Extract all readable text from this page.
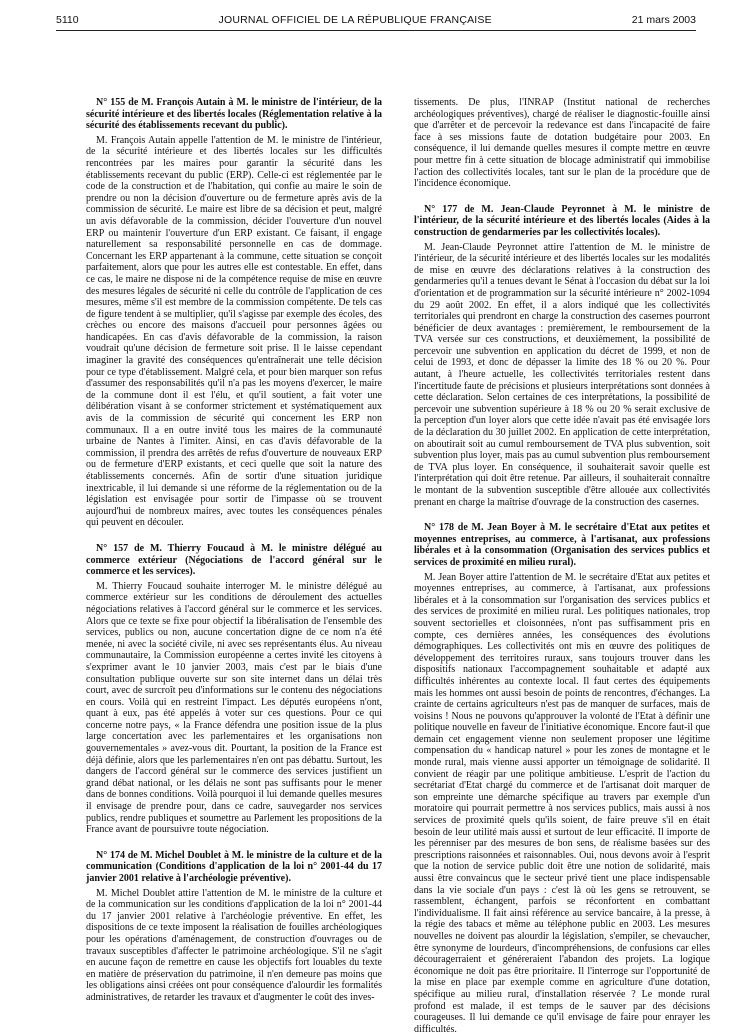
5110	JOURNAL OFFICIEL DE LA RÉPUBLIQUE FRANÇAISE	21 mars 2003

N° 155 de M. François Autain à M. le ministre de l'intérieur, de la sécurité intérieure et des libertés locales (Réglementation relative à la sécurité des établissements recevant du public).

M. François Autain appelle l'attention de M. le ministre de l'intérieur, de la sécurité intérieure et des libertés locales sur les difficultés rencontrées par les maires pour garantir la sécurité dans les établissements recevant du public (ERP). Celle-ci est réglementée par le code de la construction et de l'habitation, qui confie au maire le soin de prendre ou non la décision d'ouverture ou de fermeture après avis de la commission de sécurité. Le maire est libre de sa décision et peut, malgré un avis défavorable de la commission, décider l'ouverture d'un nouvel ERP ou maintenir l'ouverture d'un ERP existant. Ce faisant, il engage naturellement sa responsabilité personnelle en cas de dommage. Concernant les ERP appartenant à la commune, cette situation se conçoit parfaitement, alors que pour les autres elle est contestable. En effet, dans ce cas, le maire ne dispose ni de la compétence requise de mise en œuvre des mesures légales de sécurité ni celle du contrôle de l'application de ces mesures, même s'il est membre de la commission compétente. De tels cas de figure tendent à se multiplier, qu'il s'agisse par exemple des écoles, des crèches ou encore des maisons d'accueil pour personnes âgées ou handicapées. En cas d'avis défavorable de la commission, la raison voudrait qu'une décision de fermeture soit prise. Il le laisse cependant imaginer la gravité des conséquences qu'entraînerait une telle décision pour ce type d'établissement. Malgré cela, et pour bien marquer son refus d'assumer des responsabilités qu'il n'a pas les moyens d'exercer, le maire de la commune dont il est l'élu, et qu'il soutient, a fait voter une délibération visant à se conformer strictement et systématiquement aux avis de la commission de sécurité qui concernent les ERP non communaux. Il a en outre invité tous les maires de la communauté urbaine de Nantes à l'imiter. Ainsi, en cas d'avis défavorable de la commission, il prendra des arrêtés de refus d'ouverture de nouveaux ERP ou de fermeture d'ERP existants, et ceci quelle que soit la nature des établissements concernés. Afin de sortir d'une situation juridique inextricable, il lui demande si une réforme de la réglementation ou de la législation est envisagée pour sortir de l'impasse où se trouvent aujourd'hui de nombreux maires, avec toutes les conséquences pénales qui peuvent en découler.

N° 157 de M. Thierry Foucaud à M. le ministre délégué au commerce extérieur (Négociations de l'accord général sur le commerce et les services).

M. Thierry Foucaud souhaite interroger M. le ministre délégué au commerce extérieur sur les conditions de déroulement des actuelles négociations relatives à l'accord général sur le commerce et les services. Alors que ce texte se fixe pour objectif la libéralisation de l'ensemble des services, publics ou non, aucune concertation digne de ce nom n'a été menée, ni avec la société civile, ni avec ses représentants élus. Au niveau communautaire, la Commission européenne a certes invité les citoyens à s'exprimer avant le 10 janvier 2003, mais c'est par le biais d'une consultation publique ouverte sur son site internet dans un délai très court, avec de surcroît peu d'informations sur le contenu des négociations en cours. Voilà qui en restreint l'impact. Les députés européens n'ont, quant à eux, pas été appelés à voter sur ces questions. Pour ce qui concerne notre pays, « la France défendra une position issue de la plus large concertation avec les parlementaires et les organisations non gouvernementales » avez-vous dit. Pourtant, la position de la France est déjà définie, alors que les parlementaires n'en ont pas débattu. Surtout, les dangers de l'accord général sur le commerce des services justifient un grand débat national, or les délais ne sont pas suffisants pour le mener dans de bonnes conditions. Voilà pourquoi il lui demande quelles mesures il envisage de prendre pour, dans ce cadre, sauvegarder nos services publics, rendre publiques et soumettre au Parlement les propositions de la France avant de poursuivre toute négociation.

N° 174 de M. Michel Doublet à M. le ministre de la culture et de la communication (Conditions d'application de la loi n° 2001-44 du 17 janvier 2001 relative à l'archéologie préventive).

M. Michel Doublet attire l'attention de M. le ministre de la culture et de la communication sur les conditions d'application de la loi n° 2001-44 du 17 janvier 2001 relative à l'archéologie préventive. En effet, les dispositions de ce texte imposent la réalisation de fouilles archéologiques pour les opérations d'aménagement, de construction d'ouvrages ou de travaux susceptibles d'affecter le patrimoine archéologique. S'il ne s'agit en aucune façon de remettre en cause les objectifs fort louables du texte en matière de préservation du patrimoine, il n'en demeure pas moins que les obligations ainsi créées ont pour conséquence d'alourdir les formalités administratives, de retarder les travaux et d'augmenter le coût des inves-

tissements. De plus, l'INRAP (Institut national de recherches archéologiques préventives), chargé de réaliser le diagnostic-fouille ainsi que d'arrêter et de percevoir la redevance est dans l'incapacité de faire face à ses missions faute de dotation budgétaire pour 2003. En conséquence, il lui demande quelles mesures il compte mettre en œuvre pour mettre fin à cette situation de blocage administratif qui immobilise l'action des collectivités locales, tant sur le plan de la procédure que de l'incidence économique.

N° 177 de M. Jean-Claude Peyronnet à M. le ministre de l'intérieur, de la sécurité intérieure et des libertés locales (Aides à la construction de gendarmeries par les collectivités locales).

M. Jean-Claude Peyronnet attire l'attention de M. le ministre de l'intérieur, de la sécurité intérieure et des libertés locales sur les modalités de mise en œuvre des déclarations relatives à la construction des gendarmeries qu'il a tenues devant le Sénat à l'occasion du débat sur la loi d'orientation et de programmation sur la sécurité intérieure n° 2002-1094 du 29 août 2002. En effet, il a alors indiqué que les collectivités territoriales qui prendront en charge la construction des casernes pourront bénéficier de deux avantages : premièrement, le remboursement de la TVA versée sur ces constructions, et deuxièmement, la possibilité de percevoir une subvention en application du décret de 1999, et non de celui de 1993, et donc de dépasser la limite des 18 % ou 20 %. Pour autant, à l'heure actuelle, les collectivités territoriales restent dans l'incertitude faute de précisions et plusieurs interprétations sont données à cette déclaration. Selon certaines de ces interprétations, la possibilité de percevoir une subvention supérieure à 18 % ou 20 % serait exclusive de la perception d'un loyer alors que cette idée n'avait pas été envisagée lors de la déclaration du 30 juillet 2002. En application de cette interprétation, on aboutirait soit au cumul remboursement de TVA plus subvention, soit subvention plus loyer, mais pas au cumul subvention plus remboursement de TVA plus loyer. En conséquence, il souhaiterait savoir quelle est l'interprétation qui doit être retenue. Par ailleurs, il souhaiterait connaître le montant de la subvention susceptible d'être allouée aux collectivités prenant en charge la maîtrise d'ouvrage de la construction des casernes.

N° 178 de M. Jean Boyer à M. le secrétaire d'Etat aux petites et moyennes entreprises, au commerce, à l'artisanat, aux professions libérales et à la consommation (Organisation des services publics et services de proximité en milieu rural).

M. Jean Boyer attire l'attention de M. le secrétaire d'Etat aux petites et moyennes entreprises, au commerce, à l'artisanat, aux professions libérales et à la consommation sur l'organisation des services publics et des services de proximité en milieu rural. Les politiques nationales, trop souvent sectorielles et cloisonnées, n'ont pas suffisamment pris en compte, ces dernières années, les conséquences des évolutions démographiques. Les collectivités ont mis en œuvre des politiques de développement des territoires ruraux, sans toujours trouver dans les dispositifs nationaux l'accompagnement souhaitable et adapté aux difficultés inhérentes au contexte local. Il faut certes des équipements mais les hommes ont aussi besoin de points de rencontres, d'échanges. La crainte de certains agriculteurs n'est pas de manquer de surfaces, mais de voisins ! Nous ne pouvons qu'approuver la volonté de l'Etat à définir une politique nouvelle en faveur de l'initiative économique. Encore faut-il que demain cet engagement vienne non seulement proposer une légitime compensation du « handicap naturel » pour les zones de montagne et le monde rural, mais vienne aussi apporter un témoignage de solidarité. Il convient de réagir par une politique ambitieuse. L'esprit de l'action du secrétariat d'Etat chargé du commerce et de l'artisanat doit marquer de son empreinte une démarche spécifique au travers par exemple d'un moratoire qui pourrait permettre à nos services publics, mais aussi à nos services de proximité quels qu'ils soient, de faire preuve s'il en était besoin de leur utilité mais aussi et surtout de leur efficacité. Il importe de les pérenniser par des mesures de bon sens, de réalisme basées sur des prescriptions raisonnées et raisonnables. Oui, nous devons avoir à l'esprit que la notion de service public doit être une notion de solidarité, mais aussi être convaincus que le secteur privé tient une place indispensable dans la vie sociale d'un pays : c'est là où les gens se retrouvent, se rassemblent, échangent, parfois se réconfortent en combattant l'individualisme. Il fait ainsi référence au service bancaire, à la presse, à la régie des tabacs et même au téléphone public en 2003. Les mesures nouvelles ne doivent pas alourdir la législation, s'empiler, se chevaucher, être synonyme de lourdeurs, d'incompréhensions, de confusions car elles découragerraient et généreraient l'abandon des projets. La logique économique ne doit pas être prioritaire. Il l'interroge sur l'opportunité de la mise en place par exemple comme en agriculture d'une dotation, spécifique au milieu rural, d'installation réservée ? Le monde rural profond est malade, il est temps de le sauver par des décisions courageuses. Il lui demande ce qu'il envisage de faire pour enrayer les difficultés.
